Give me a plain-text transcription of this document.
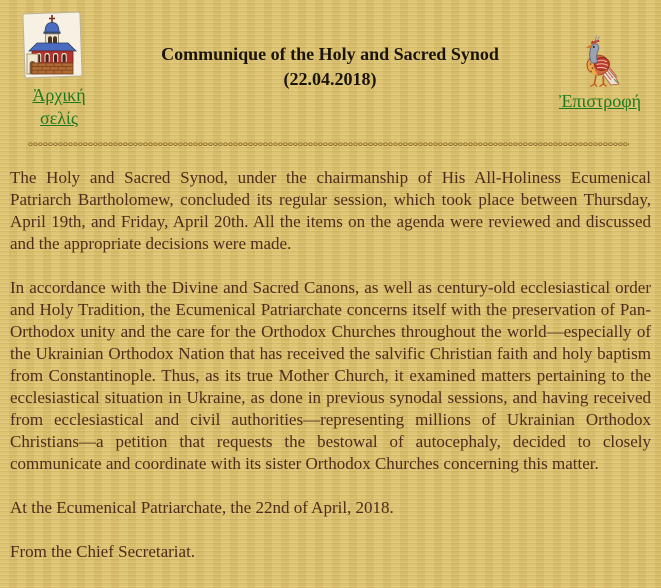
Ἀρχική
σελίς
Communique of the Holy and Sacred Synod
(22.04.2018)
Ἐπιστροφή

The Holy and Sacred Synod, under the chairmanship of His All-Holiness Ecumenical Patriarch Bartholomew, concluded its regular session, which took place between Thursday, April 19th, and Friday, April 20th. All the items on the agenda were reviewed and discussed and the appropriate decisions were made.

In accordance with the Divine and Sacred Canons, as well as century-old ecclesiastical order and Holy Tradition, the Ecumenical Patriarchate concerns itself with the preservation of Pan-Orthodox unity and the care for the Orthodox Churches throughout the world—especially of the Ukrainian Orthodox Nation that has received the salvific Christian faith and holy baptism from Constantinople. Thus, as its true Mother Church, it examined matters pertaining to the ecclesiastical situation in Ukraine, as done in previous synodal sessions, and having received from ecclesiastical and civil authorities—representing millions of Ukrainian Orthodox Christians—a petition that requests the bestowal of autocephaly, decided to closely communicate and coordinate with its sister Orthodox Churches concerning this matter.

At the Ecumenical Patriarchate, the 22nd of April, 2018.

From the Chief Secretariat.
